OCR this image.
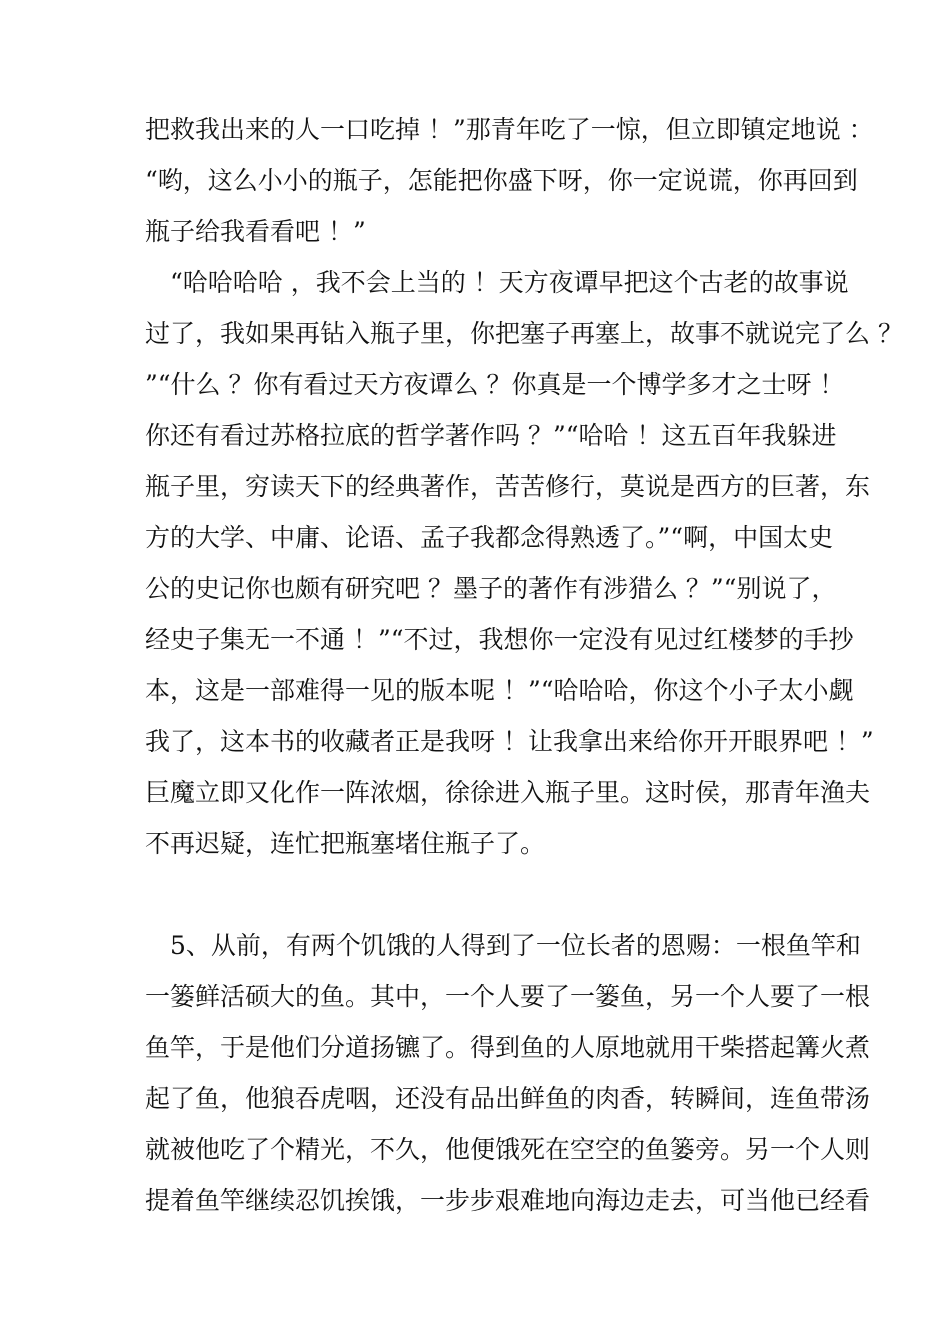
把救我出来的人一口吃掉 ！”那青年吃了一惊，但立即镇定地说 ：
“哟，这么小小的瓶子，怎能把你盛下呀，你一定说谎，你再回到
瓶子给我看看吧 ！”
　“哈哈哈哈 ，我不会上当的 ！天方夜谭早把这个古老的故事说
过了，我如果再钻入瓶子里，你把塞子再塞上，故事不就说完了么 ？
”“什么 ？你有看过天方夜谭么 ？你真是一个博学多才之士呀 ！
你还有看过苏格拉底的哲学著作吗 ？”“哈哈 ！这五百年我躲进
瓶子里，穷读天下的经典著作，苦苦修行，莫说是西方的巨著，东
方的大学、中庸、论语、孟子我都念得熟透了。”“啊，中国太史
公的史记你也颇有研究吧 ？墨子的著作有涉猎么 ？”“别说了，
经史子集无一不通 ！”“不过，我想你一定没有见过红楼梦的手抄
本，这是一部难得一见的版本呢 ！”“哈哈哈，你这个小子太小觑
我了，这本书的收藏者正是我呀 ！让我拿出来给你开开眼界吧 ！”
巨魔立即又化作一阵浓烟，徐徐进入瓶子里。这时侯，那青年渔夫
不再迟疑，连忙把瓶塞堵住瓶子了。
　5、从前，有两个饥饿的人得到了一位长者的恩赐：一根鱼竿和
一篓鲜活硕大的鱼。其中，一个人要了一篓鱼，另一个人要了一根
鱼竿，于是他们分道扬镳了。得到鱼的人原地就用干柴搭起篝火煮
起了鱼，他狼吞虎咽，还没有品出鲜鱼的肉香，转瞬间，连鱼带汤
就被他吃了个精光，不久，他便饿死在空空的鱼篓旁。另一个人则
提着鱼竿继续忍饥挨饿，一步步艰难地向海边走去，可当他已经看
